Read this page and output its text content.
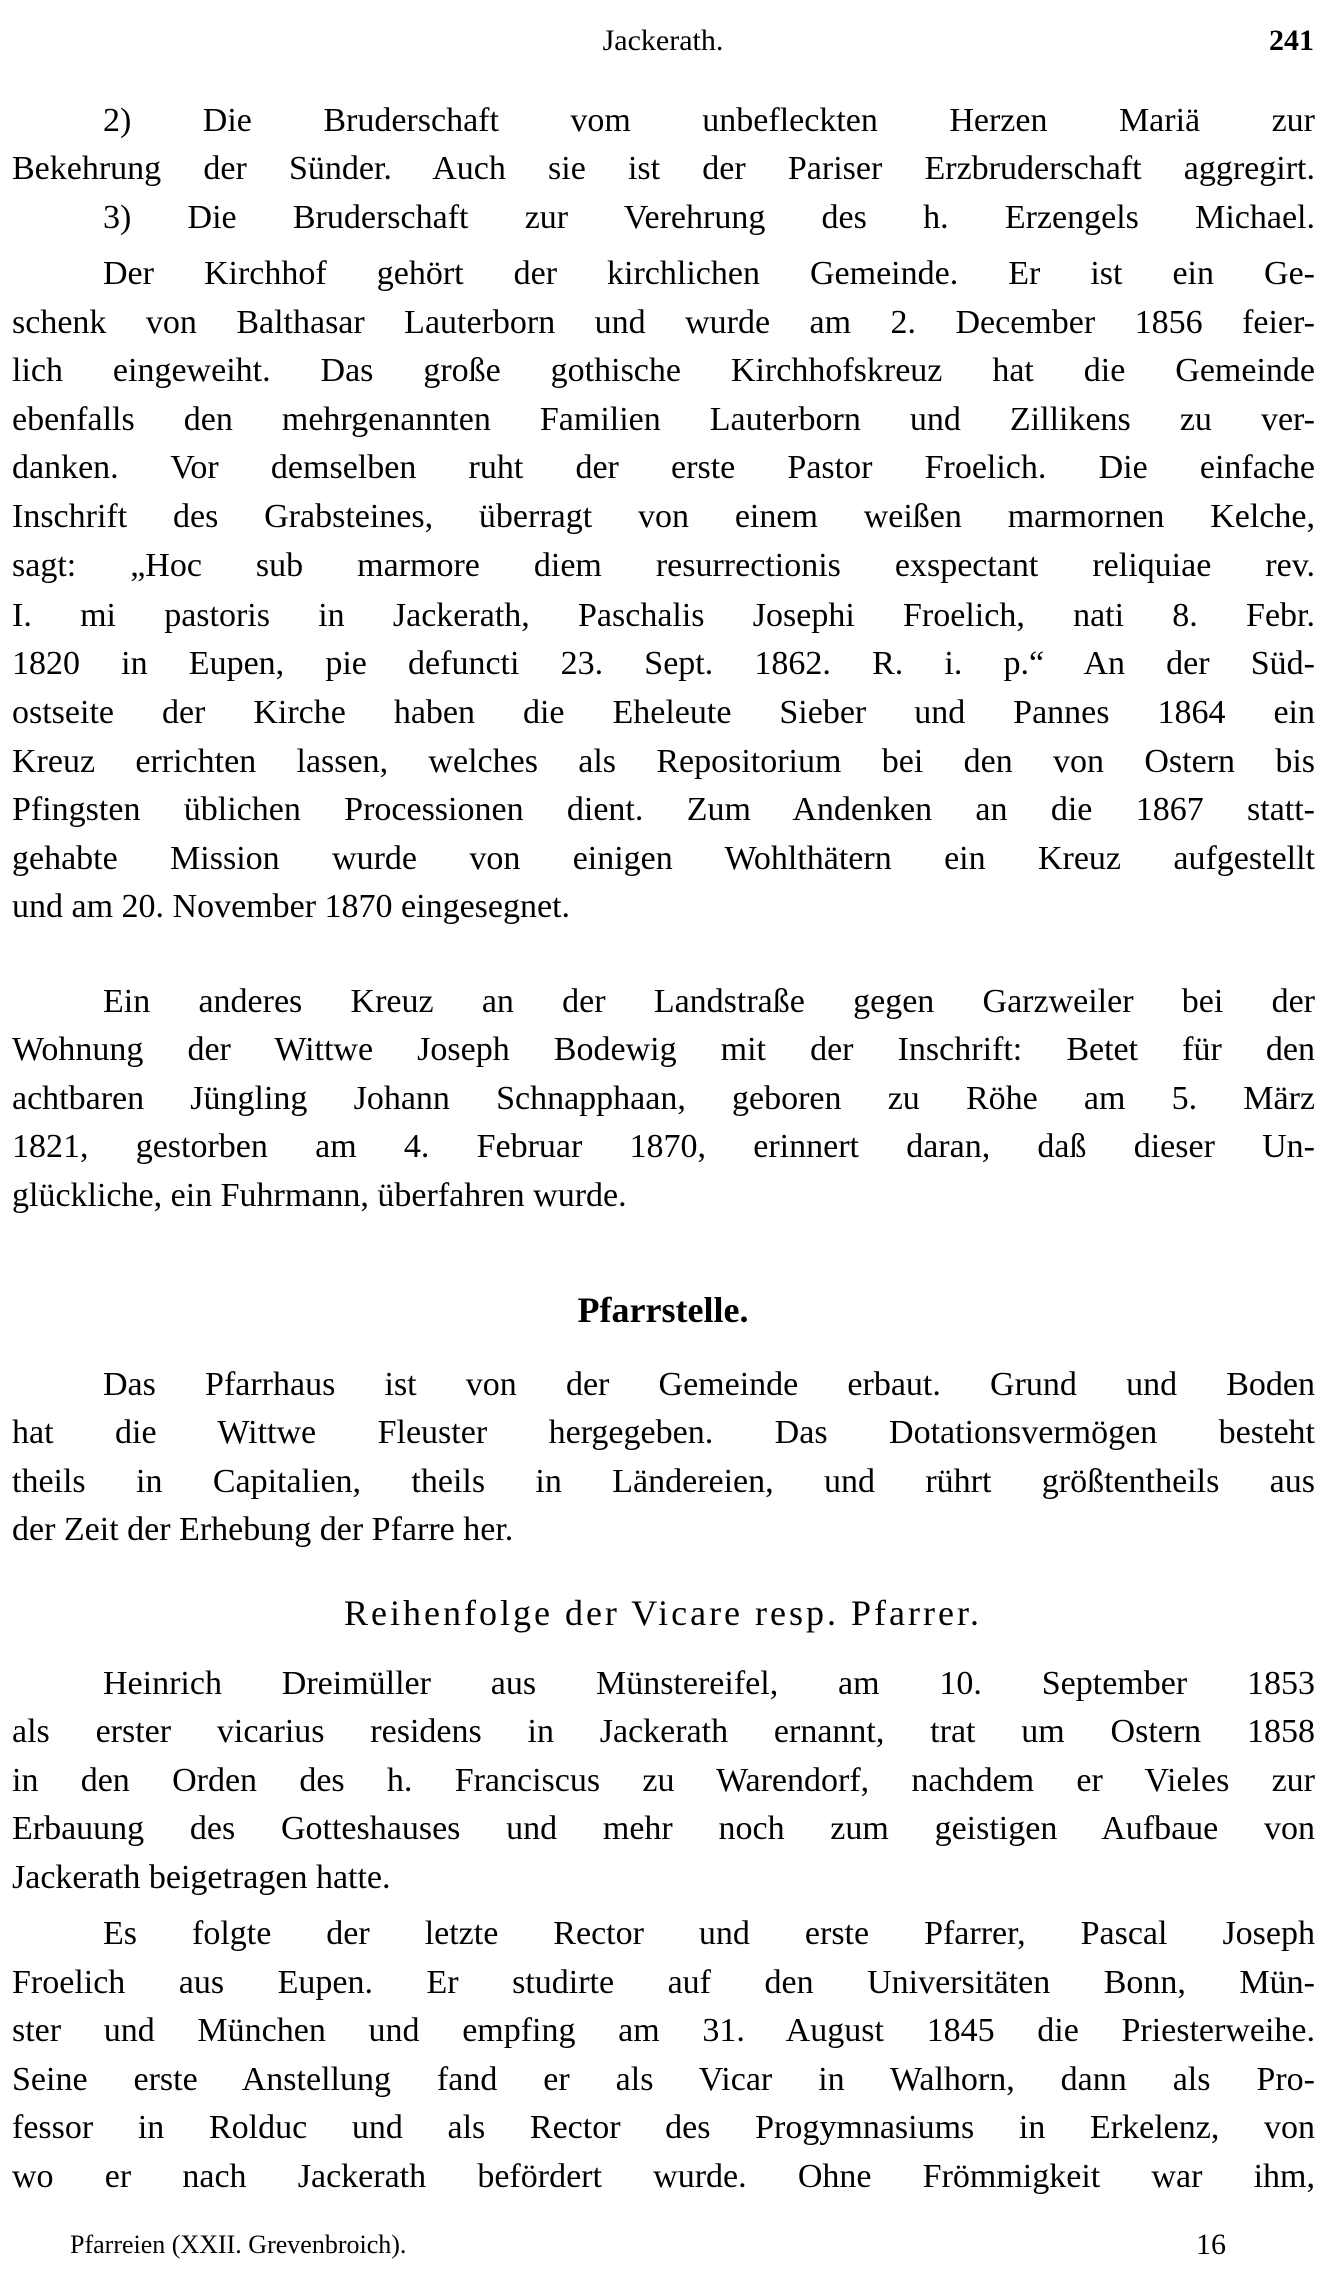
Jackerath.	241
2) Die Bruderschaft vom unbefleckten Herzen Mariä zur
Bekehrung der Sünder. Auch sie ist der Pariser Erzbruderschaft aggregirt.
3) Die Bruderschaft zur Verehrung des h. Erzengels Michael.
Der Kirchhof gehört der kirchlichen Gemeinde. Er ist ein Ge-
schenk von Balthasar Lauterborn und wurde am 2. December 1856 feier-
lich eingeweiht. Das große gothische Kirchhofskreuz hat die Gemeinde
ebenfalls den mehrgenannten Familien Lauterborn und Zillikens zu ver-
danken. Vor demselben ruht der erste Pastor Froelich. Die einfache
Inschrift des Grabsteines, überragt von einem weißen marmornen Kelche,
sagt: „Hoc sub marmore diem resurrectionis exspectant reliquiae rev.
I. mi pastoris in Jackerath, Paschalis Josephi Froelich, nati 8. Febr.
1820 in Eupen, pie defuncti 23. Sept. 1862. R. i. p.“ An der Süd-
ostseite der Kirche haben die Eheleute Sieber und Pannes 1864 ein
Kreuz errichten lassen, welches als Repositorium bei den von Ostern bis
Pfingsten üblichen Processionen dient. Zum Andenken an die 1867 statt-
gehabte Mission wurde von einigen Wohlthätern ein Kreuz aufgestellt
und am 20. November 1870 eingesegnet.
Ein anderes Kreuz an der Landstraße gegen Garzweiler bei der
Wohnung der Wittwe Joseph Bodewig mit der Inschrift: Betet für den
achtbaren Jüngling Johann Schnapphaan, geboren zu Röhe am 5. März
1821, gestorben am 4. Februar 1870, erinnert daran, daß dieser Un-
glückliche, ein Fuhrmann, überfahren wurde.
Das Pfarrhaus ist von der Gemeinde erbaut. Grund und Boden
hat die Wittwe Fleuster hergegeben. Das Dotationsvermögen besteht
theils in Capitalien, theils in Ländereien, und rührt größtentheils aus
der Zeit der Erhebung der Pfarre her.
Heinrich Dreimüller aus Münstereifel, am 10. September 1853
als erster vicarius residens in Jackerath ernannt, trat um Ostern 1858
in den Orden des h. Franciscus zu Warendorf, nachdem er Vieles zur
Erbauung des Gotteshauses und mehr noch zum geistigen Aufbaue von
Jackerath beigetragen hatte.
Es folgte der letzte Rector und erste Pfarrer, Pascal Joseph
Froelich aus Eupen. Er studirte auf den Universitäten Bonn, Mün-
ster und München und empfing am 31. August 1845 die Priesterweihe.
Seine erste Anstellung fand er als Vicar in Walhorn, dann als Pro-
fessor in Rolduc und als Rector des Progymnasiums in Erkelenz, von
wo er nach Jackerath befördert wurde. Ohne Frömmigkeit war ihm,
Pfarrstelle.
Reihenfolge der Vicare resp. Pfarrer.
Pfarreien (XXII. Grevenbroich).	16
